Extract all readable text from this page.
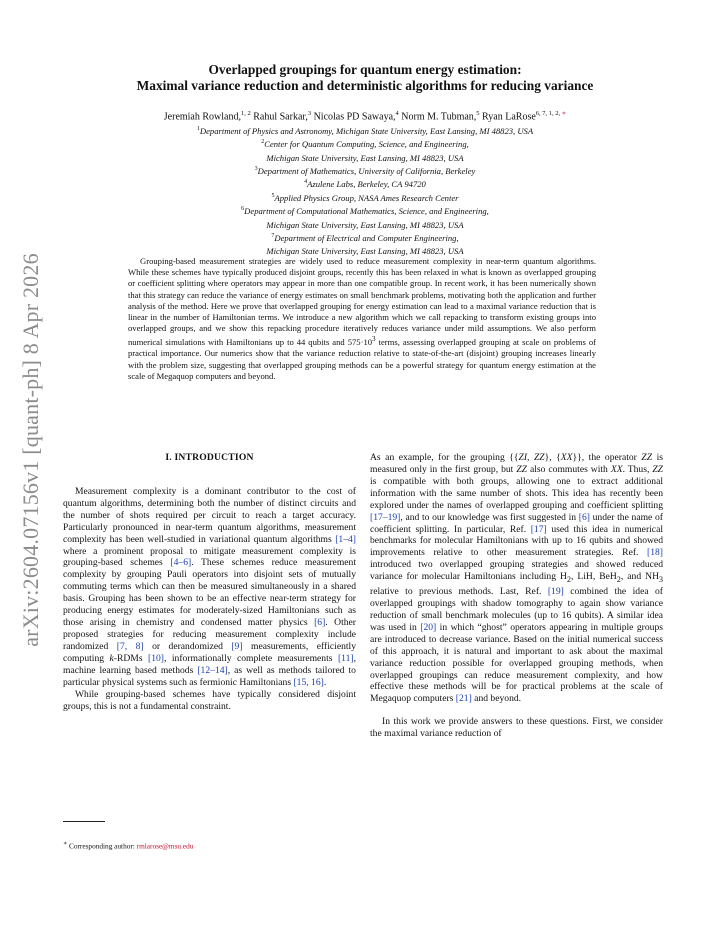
arXiv:2604.07156v1 [quant-ph] 8 Apr 2026
Overlapped groupings for quantum energy estimation:
Maximal variance reduction and deterministic algorithms for reducing variance
Jeremiah Rowland,$^{1, 2}$ Rahul Sarkar,$^3$ Nicolas PD Sawaya,$^4$ Norm M. Tubman,$^5$ Ryan LaRose$^{6, 7, 1, 2,}$ ∗
$^1$Department of Physics and Astronomy, Michigan State University, East Lansing, MI 48823, USA
$^2$Center for Quantum Computing, Science, and Engineering,
Michigan State University, East Lansing, MI 48823, USA
$^3$Department of Mathematics, University of California, Berkeley
$^4$Azulene Labs, Berkeley, CA 94720
$^5$Applied Physics Group, NASA Ames Research Center
$^6$Department of Computational Mathematics, Science, and Engineering,
Michigan State University, East Lansing, MI 48823, USA
$^7$Department of Electrical and Computer Engineering,
Michigan State University, East Lansing, MI 48823, USA

Grouping-based measurement strategies are widely used to reduce measurement complexity in near-term quantum algorithms. While these schemes have typically produced disjoint groups, recently this has been relaxed in what is known as overlapped grouping or coefficient splitting where operators may appear in more than one compatible group. In recent work, it has been numerically shown that this strategy can reduce the variance of energy estimates on small benchmark problems, motivating both the application and further analysis of the method. Here we prove that overlapped grouping for energy estimation can lead to a maximal variance reduction that is linear in the number of Hamiltonian terms. We introduce a new algorithm which we call repacking to transform existing groups into overlapped groups, and we show this repacking procedure iteratively reduces variance under mild assumptions. We also perform numerical simulations with Hamiltonians up to 44 qubits and $575\cdot 10^3$ terms, assessing overlapped grouping at scale on problems of practical importance. Our numerics show that the variance reduction relative to state-of-the-art (disjoint) grouping increases linearly with the problem size, suggesting that overlapped grouping methods can be a powerful strategy for quantum energy estimation at the scale of Megaquop computers and beyond.

I. INTRODUCTION

Measurement complexity is a dominant contributor to the cost of quantum algorithms, determining both the number of distinct circuits and the number of shots required per circuit to reach a target accuracy. Particularly pronounced in near-term quantum algorithms, measurement complexity has been well-studied in variational quantum algorithms [1–4] where a prominent proposal to mitigate measurement complexity is grouping-based schemes [4–6]. These schemes reduce measurement complexity by grouping Pauli operators into disjoint sets of mutually commuting terms which can then be measured simultaneously in a shared basis. Grouping has been shown to be an effective near-term strategy for producing energy estimates for moderately-sized Hamiltonians such as those arising in chemistry and condensed matter physics [6]. Other proposed strategies for reducing measurement complexity include randomized [7, 8] or derandomized [9] measurements, efficiently computing k-RDMs [10], informationally complete measurements [11], machine learning based methods [12–14], as well as methods tailored to particular physical systems such as fermionic Hamiltonians [15, 16].

While grouping-based schemes have typically considered disjoint groups, this is not a fundamental constraint.

As an example, for the grouping {{ZI, ZZ}, {XX}}, the operator ZZ is measured only in the first group, but ZZ also commutes with XX. Thus, ZZ is compatible with both groups, allowing one to extract additional information with the same number of shots. This idea has recently been explored under the names of overlapped grouping and coefficient splitting [17–19], and to our knowledge was first suggested in [6] under the name of coefficient splitting. In particular, Ref. [17] used this idea in numerical benchmarks for molecular Hamiltonians with up to 16 qubits and showed improvements relative to other measurement strategies. Ref. [18] introduced two overlapped grouping strategies and showed reduced variance for molecular Hamiltonians including $H_2$, LiH, BeH$_2$, and $NH_3$ relative to previous methods. Last, Ref. [19] combined the idea of overlapped groupings with shadow tomography to again show variance reduction of small benchmark molecules (up to 16 qubits). A similar idea was used in [20] in which “ghost” operators appearing in multiple groups are introduced to decrease variance. Based on the initial numerical success of this approach, it is natural and important to ask about the maximal variance reduction possible for overlapped grouping methods, when overlapped groupings can reduce measurement complexity, and how effective these methods will be for practical problems at the scale of Megaquop computers [21] and beyond.

In this work we provide answers to these questions. First, we consider the maximal variance reduction of

∗ Corresponding author: rmlarose@msu.edu
